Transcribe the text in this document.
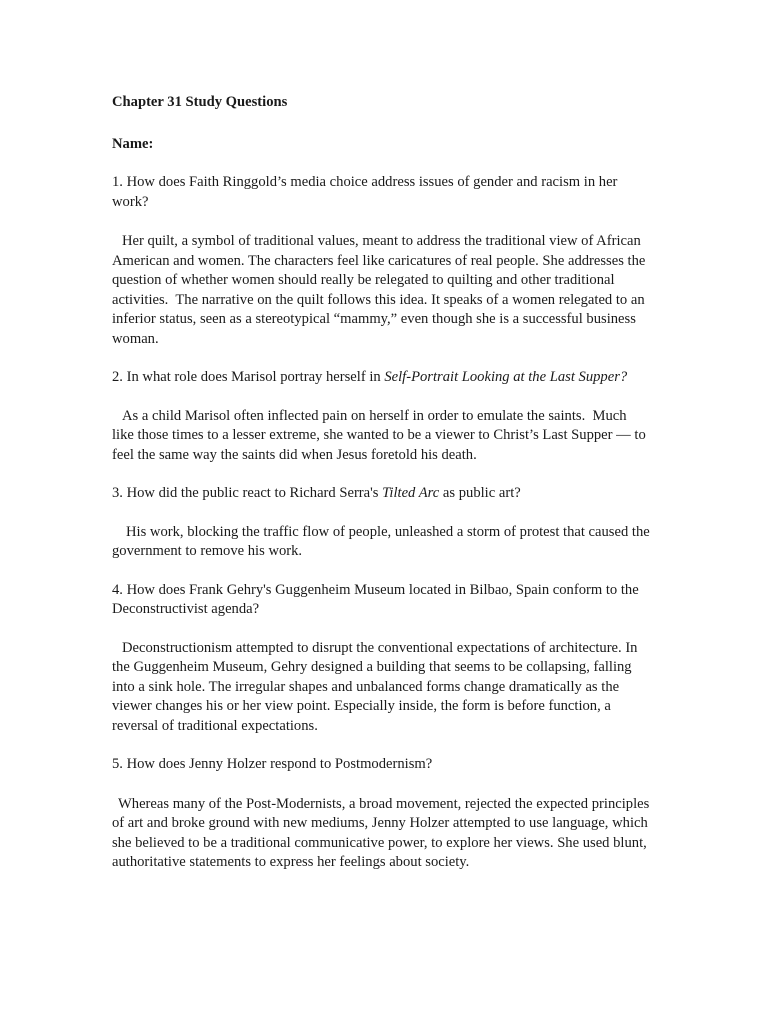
Chapter 31 Study Questions

Name:

1. How does Faith Ringgold’s media choice address issues of gender and racism in her work?

Her quilt, a symbol of traditional values, meant to address the traditional view of African American and women. The characters feel like caricatures of real people. She addresses the question of whether women should really be relegated to quilting and other traditional activities.  The narrative on the quilt follows this idea. It speaks of a women relegated to an inferior status, seen as a stereotypical “mammy,” even though she is a successful business woman.

2. In what role does Marisol portray herself in Self-Portrait Looking at the Last Supper?

As a child Marisol often inflected pain on herself in order to emulate the saints.  Much like those times to a lesser extreme, she wanted to be a viewer to Christ’s Last Supper — to feel the same way the saints did when Jesus foretold his death.

3. How did the public react to Richard Serra's Tilted Arc as public art?

His work, blocking the traffic flow of people, unleashed a storm of protest that caused the government to remove his work.

4. How does Frank Gehry's Guggenheim Museum located in Bilbao, Spain conform to the Deconstructivist agenda?

Deconstructionism attempted to disrupt the conventional expectations of architecture. In the Guggenheim Museum, Gehry designed a building that seems to be collapsing, falling into a sink hole. The irregular shapes and unbalanced forms change dramatically as the viewer changes his or her view point. Especially inside, the form is before function, a reversal of traditional expectations.

5. How does Jenny Holzer respond to Postmodernism?

Whereas many of the Post-Modernists, a broad movement, rejected the expected principles of art and broke ground with new mediums, Jenny Holzer attempted to use language, which she believed to be a traditional communicative power, to explore her views. She used blunt, authoritative statements to express her feelings about society.
